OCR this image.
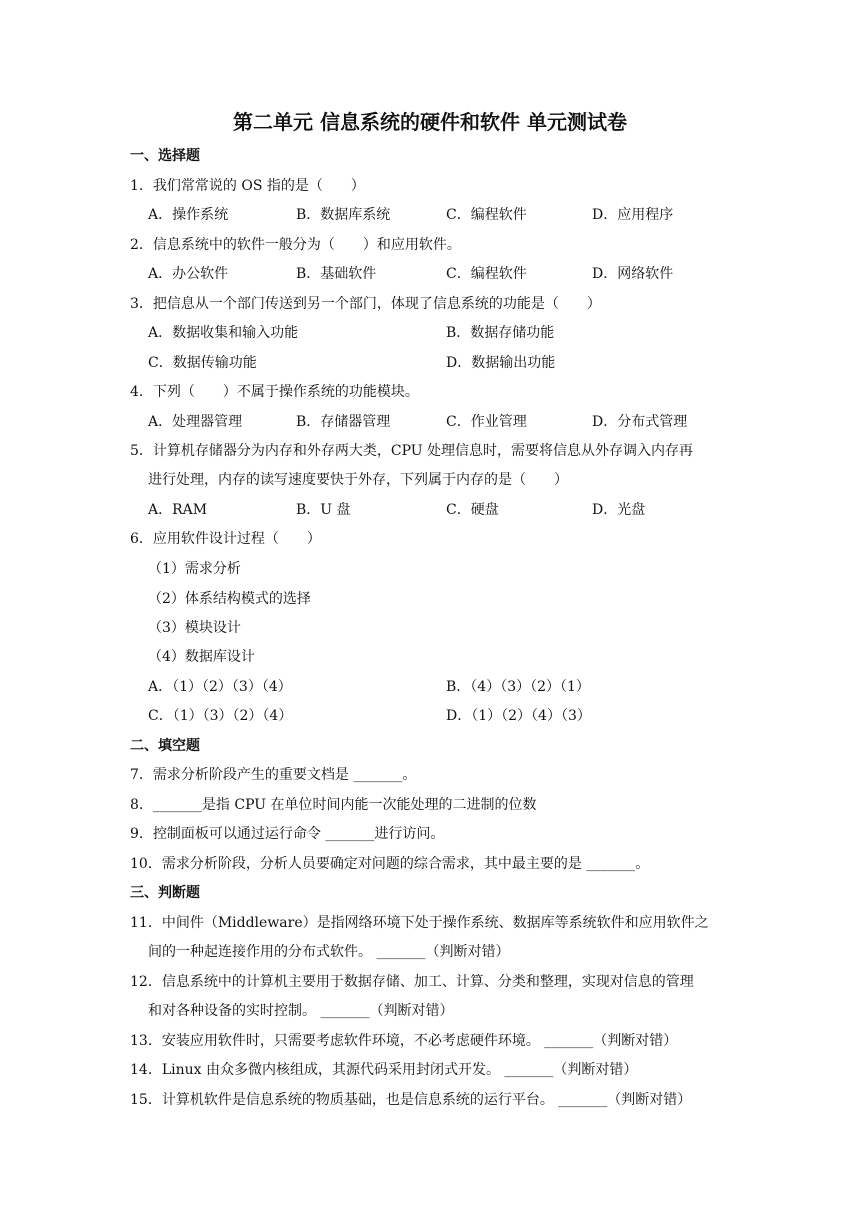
第二单元 信息系统的硬件和软件 单元测试卷
一、选择题
1．我们常常说的 OS 指的是（　　）
A．操作系统	B．数据库系统	C．编程软件	D．应用程序
2．信息系统中的软件一般分为（　　）和应用软件。
A．办公软件	B．基础软件	C．编程软件	D．网络软件
3．把信息从一个部门传送到另一个部门，体现了信息系统的功能是（　　）
A．数据收集和输入功能	B．数据存储功能
C．数据传输功能	D．数据输出功能
4．下列（　　）不属于操作系统的功能模块。
A．处理器管理	B．存储器管理	C．作业管理	D．分布式管理
5．计算机存储器分为内存和外存两大类，CPU 处理信息时，需要将信息从外存调入内存再
进行处理，内存的读写速度要快于外存，下列属于内存的是（　　）
A．RAM	B．U 盘	C．硬盘	D．光盘
6．应用软件设计过程（　　）
（1）需求分析
（2）体系结构模式的选择
（3）模块设计
（4）数据库设计
A．（1）（2）（3）（4）	B．（4）（3）（2）（1）
C．（1）（3）（2）（4）	D．（1）（2）（4）（3）
二、填空题
7．需求分析阶段产生的重要文档是 _______。
8．_______是指 CPU 在单位时间内能一次能处理的二进制的位数
9．控制面板可以通过运行命令 _______进行访问。
10．需求分析阶段，分析人员要确定对问题的综合需求，其中最主要的是 _______。
三、判断题
11．中间件（Middleware）是指网络环境下处于操作系统、数据库等系统软件和应用软件之
间的一种起连接作用的分布式软件。 _______（判断对错）
12．信息系统中的计算机主要用于数据存储、加工、计算、分类和整理，实现对信息的管理
和对各种设备的实时控制。 _______（判断对错）
13．安装应用软件时，只需要考虑软件环境，不必考虑硬件环境。 _______（判断对错）
14．Linux 由众多微内核组成，其源代码采用封闭式开发。 _______（判断对错）
15．计算机软件是信息系统的物质基础，也是信息系统的运行平台。 _______（判断对错）
